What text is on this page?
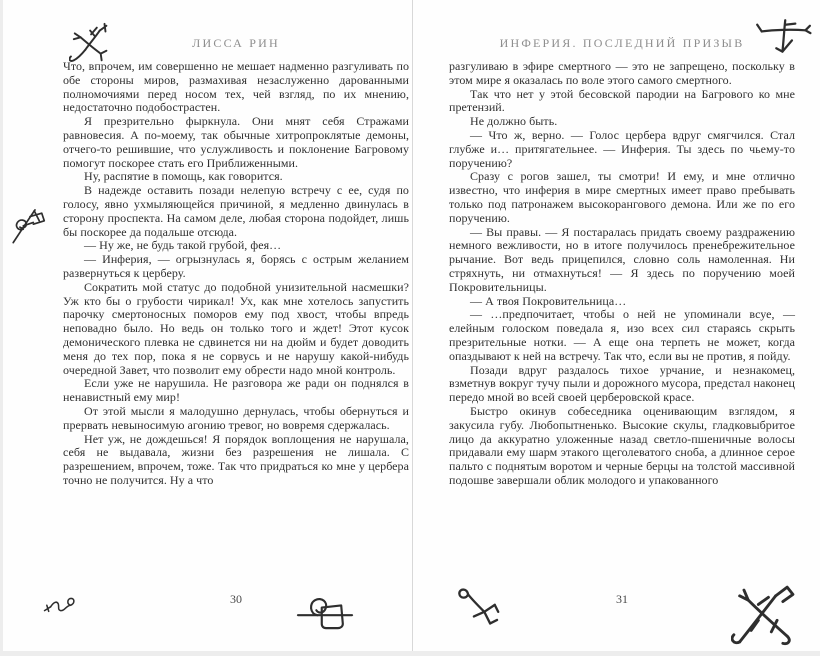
ЛИССА РИН

Что, впрочем, им совершенно не мешает надменно разгуливать по обе стороны миров, размахивая незаслуженно дарованными полномочиями перед носом тех, чей взгляд, по их мнению, недостаточно подобострастен.

Я презрительно фыркнула. Они мнят себя Стражами равновесия. А по-моему, так обычные хитропроклятые демоны, отчего-то решившие, что услужливость и поклонение Багровому помогут поскорее стать его Приближенными.

Ну, распятие в помощь, как говорится.

В надежде оставить позади нелепую встречу с ее, судя по голосу, явно ухмыляющейся причиной, я медленно двинулась в сторону проспекта. На самом деле, любая сторона подойдет, лишь бы поскорее да подальше отсюда.

— Ну же, не будь такой грубой, фея…

— Инферия, — огрызнулась я, борясь с острым желанием развернуться к церберу.

Сократить мой статус до подобной унизительной насмешки? Уж кто бы о грубости чирикал! Ух, как мне хотелось запустить парочку смертоносных поморов ему под хвост, чтобы впредь неповадно было. Но ведь он только того и ждет! Этот кусок демонического плевка не сдвинется ни на дюйм и будет доводить меня до тех пор, пока я не сорвусь и не нарушу какой-нибудь очередной Завет, что позволит ему обрести надо мной контроль.

Если уже не нарушила. Не разговора же ради он поднялся в ненавистный ему мир!

От этой мысли я малодушно дернулась, чтобы обернуться и прервать невыносимую агонию тревог, но вовремя сдержалась.

Нет уж, не дождешься! Я порядок воплощения не нарушала, себя не выдавала, жизни без разрешения не лишала. С разрешением, впрочем, тоже. Так что придраться ко мне у цербера точно не получится. Ну а что

30
ИНФЕРИЯ. ПОСЛЕДНИЙ ПРИЗЫВ

разгуливаю в эфире смертного — это не запрещено, поскольку в этом мире я оказалась по воле этого самого смертного.

Так что нет у этой бесовской пародии на Багрового ко мне претензий.

Не должно быть.

— Что ж, верно. — Голос цербера вдруг смягчился. Стал глубже и… притягательнее. — Инферия. Ты здесь по чьему-то поручению?

Сразу с рогов зашел, ты смотри! И ему, и мне отлично известно, что инферия в мире смертных имеет право пребывать только под патронажем высокорангового демона. Или же по его поручению.

— Вы правы. — Я постаралась придать своему раздражению немного вежливости, но в итоге получилось пренебрежительное рычание. Вот ведь прицепился, словно соль намоленная. Ни стряхнуть, ни отмахнуться! — Я здесь по поручению моей Покровительницы.

— А твоя Покровительница…

— …предпочитает, чтобы о ней не упоминали всуе, — елейным голоском поведала я, изо всех сил стараясь скрыть презрительные нотки. — А еще она терпеть не может, когда опаздывают к ней на встречу. Так что, если вы не против, я пойду.

Позади вдруг раздалось тихое урчание, и незнакомец, взметнув вокруг тучу пыли и дорожного мусора, предстал наконец передо мной во всей своей церберовской красе.

Быстро окинув собеседника оценивающим взглядом, я закусила губу. Любопытненько. Высокие скулы, гладковыбритое лицо да аккуратно уложенные назад светло-пшеничные волосы придавали ему шарм этакого щеголеватого сноба, а длинное серое пальто с поднятым воротом и черные берцы на толстой массивной подошве завершали облик молодого и упакованного

31
